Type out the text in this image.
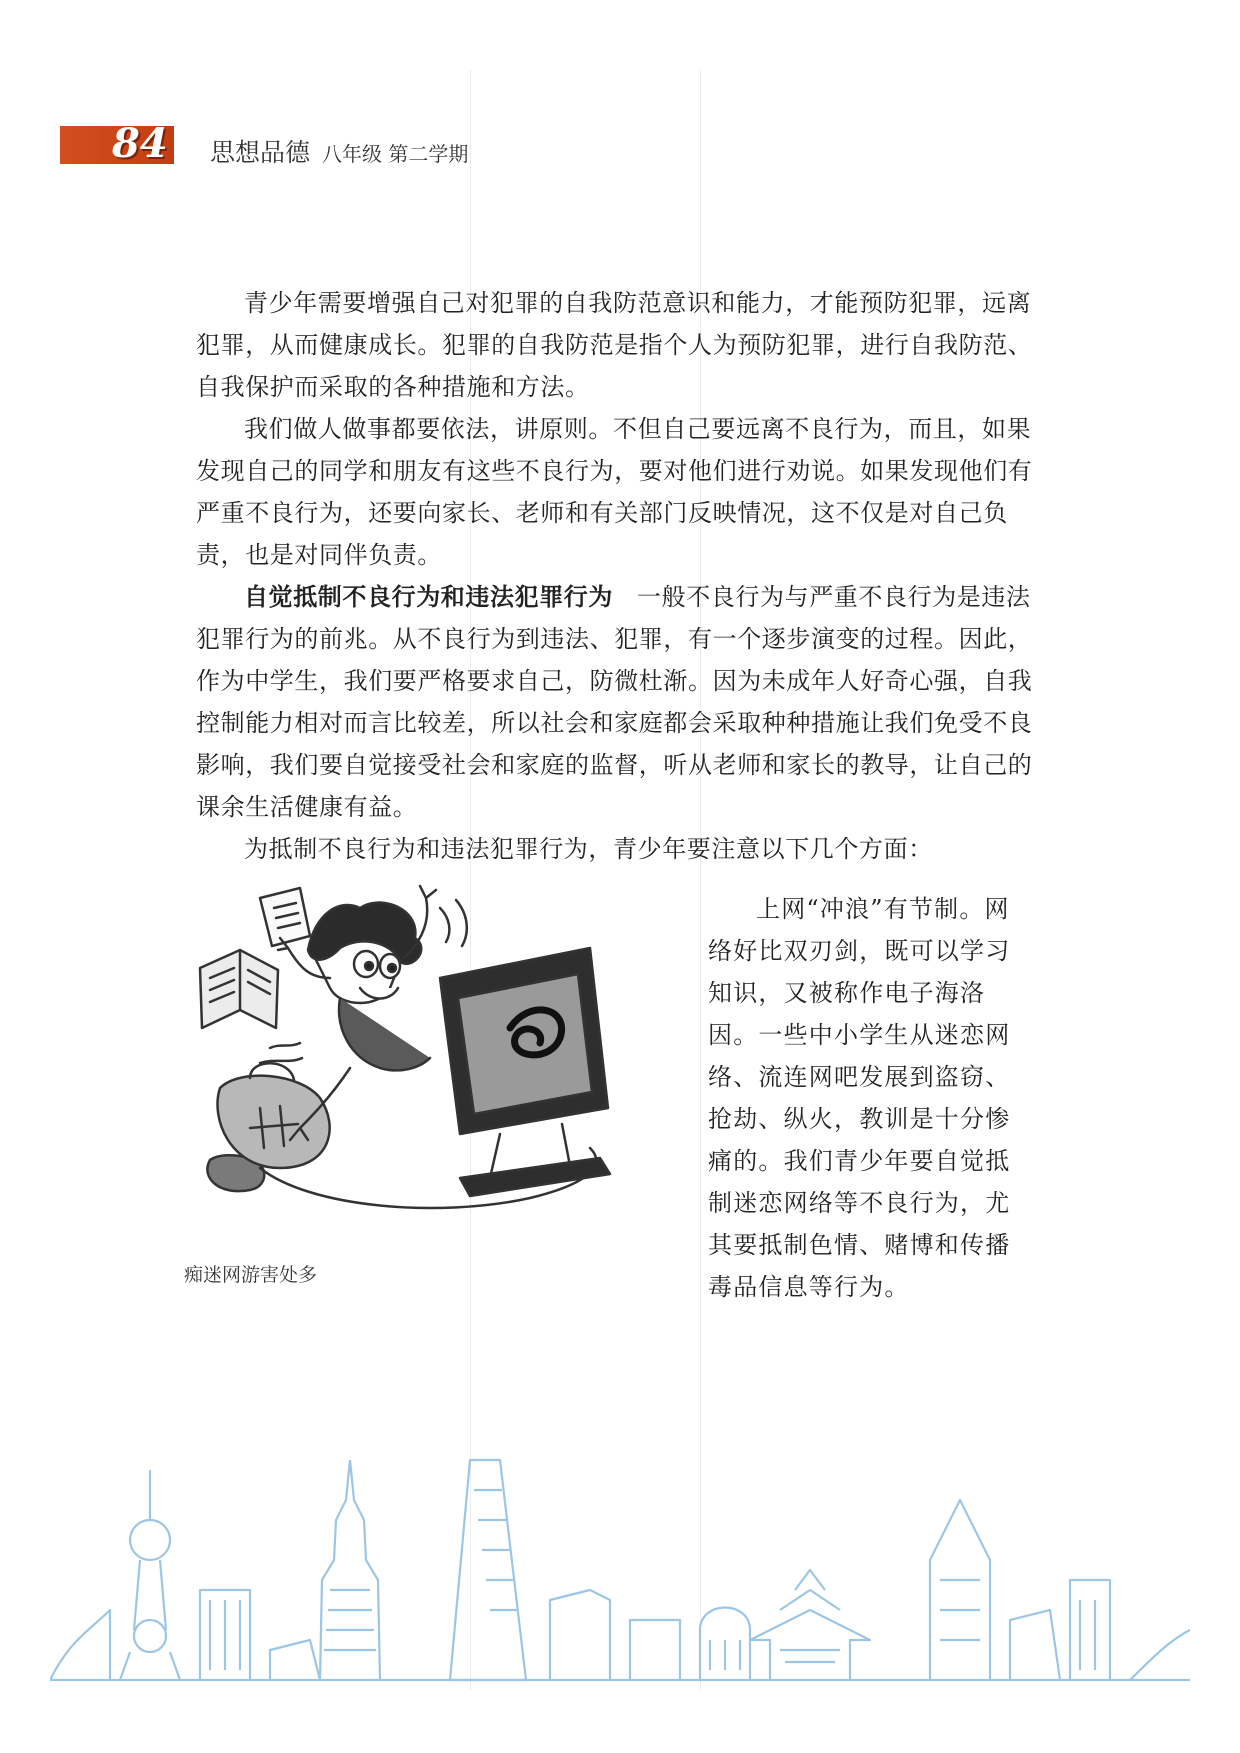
84	思想品德 八年级 第二学期

青少年需要增强自己对犯罪的自我防范意识和能力，才能预防犯罪，远离犯罪，从而健康成长。犯罪的自我防范是指个人为预防犯罪，进行自我防范、自我保护而采取的各种措施和方法。

我们做人做事都要依法，讲原则。不但自己要远离不良行为，而且，如果发现自己的同学和朋友有这些不良行为，要对他们进行劝说。如果发现他们有严重不良行为，还要向家长、老师和有关部门反映情况，这不仅是对自己负责，也是对同伴负责。

自觉抵制不良行为和违法犯罪行为 一般不良行为与严重不良行为是违法犯罪行为的前兆。从不良行为到违法、犯罪，有一个逐步演变的过程。因此，作为中学生，我们要严格要求自己，防微杜渐。因为未成年人好奇心强，自我控制能力相对而言比较差，所以社会和家庭都会采取种种措施让我们免受不良影响，我们要自觉接受社会和家庭的监督，听从老师和家长的教导，让自己的课余生活健康有益。

为抵制不良行为和违法犯罪行为，青少年要注意以下几个方面：

上网“冲浪”有节制。网络好比双刃剑，既可以学习知识，又被称作电子海洛因。一些中小学生从迷恋网络、流连网吧发展到盗窃、抢劫、纵火，教训是十分惨痛的。我们青少年要自觉抵制迷恋网络等不良行为，尤其要抵制色情、赌博和传播毒品信息等行为。

痴迷网游害处多
